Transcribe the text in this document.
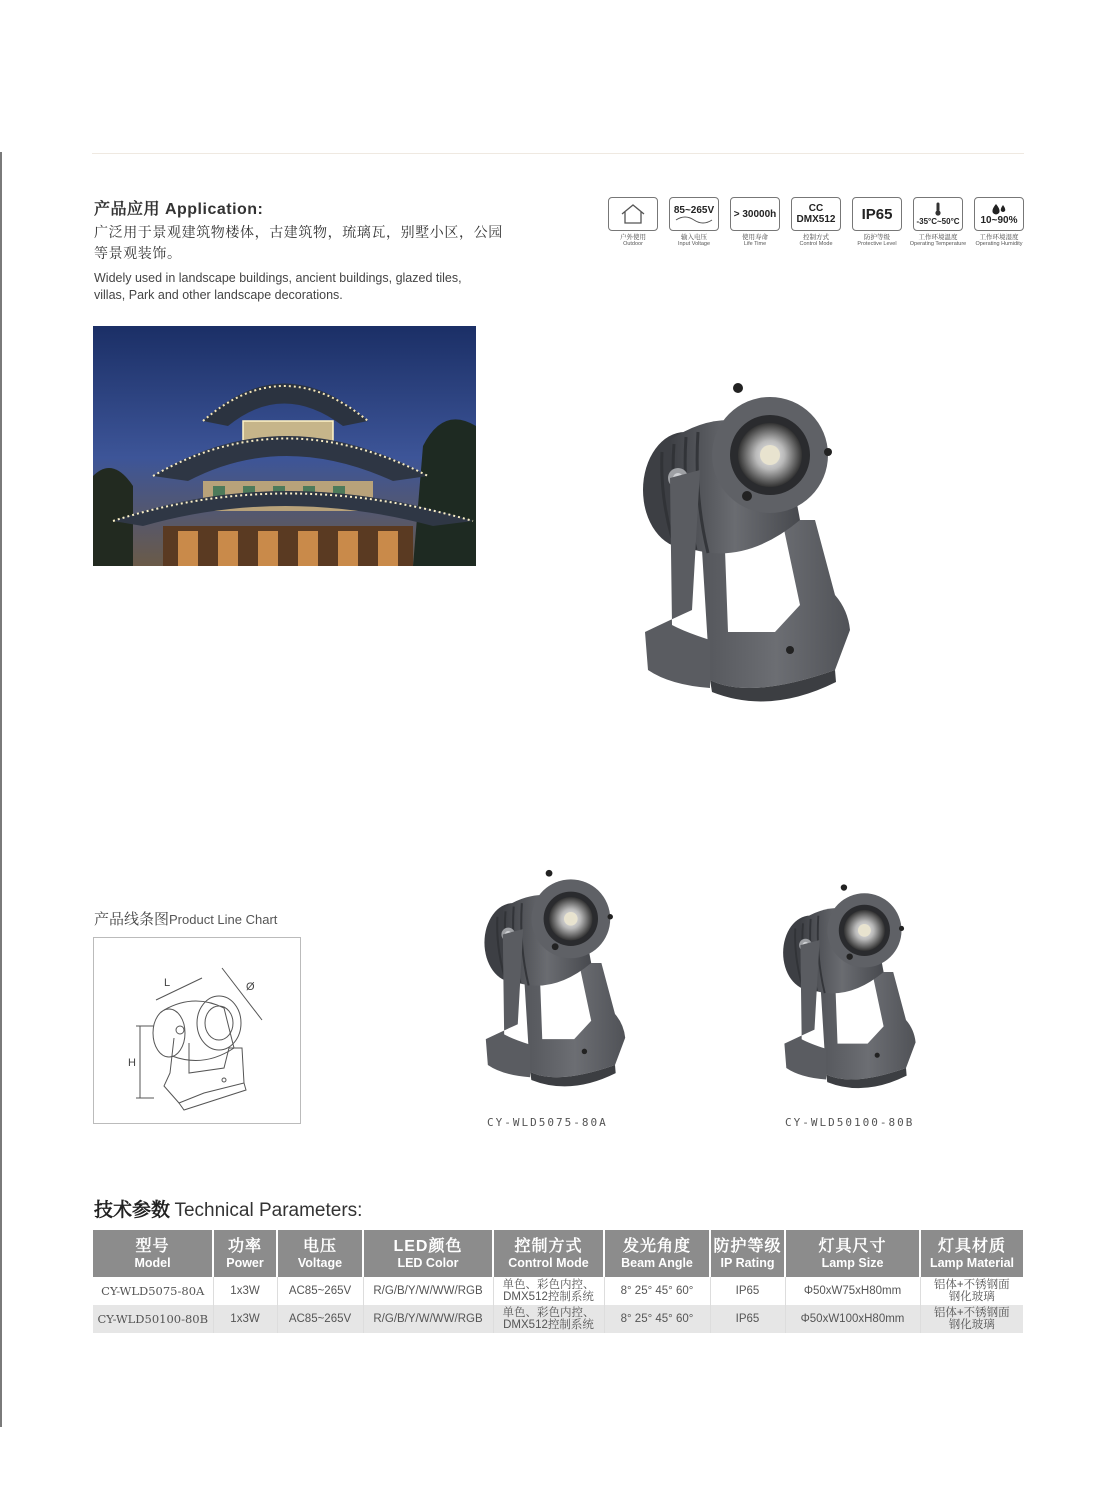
产品应用 Application:
广泛用于景观建筑物楼体，古建筑物，琉璃瓦，别墅小区，公园等景观装饰。
Widely used in landscape buildings, ancient buildings, glazed tiles, villas, Park and other landscape decorations.
户外使用
Outdoor
85~265V
输入电压
Input Voltage
> 30000h
使用寿命
Life Time
CC DMX512
控制方式
Control Mode
IP65
防护等级
Protective Level
-35°C~50°C
工作环境温度
Operating Temperature
10~90%
工作环境湿度
Operating Humidity
产品线条图Product Line Chart
L	Ø
H
CY-WLD5075-80A	CY-WLD50100-80B
技术参数 Technical Parameters:
型号
Model	功率
Power	电压
Voltage	LED颜色
LED Color	控制方式
Control Mode	发光角度
Beam Angle	防护等级
IP Rating	灯具尺寸
Lamp Size	灯具材质
Lamp Material

CY-WLD5075-80A	1x3W	AC85~265V	R/G/B/Y/W/WW/RGB	单色、彩色内控、
DMX512控制系统	8° 25° 45° 60°	IP65	Φ50xW75xH80mm	铝体+不锈钢面
钢化玻璃
CY-WLD50100-80B	1x3W	AC85~265V	R/G/B/Y/W/WW/RGB	单色、彩色内控、
DMX512控制系统	8° 25° 45° 60°	IP65	Φ50xW100xH80mm	铝体+不锈钢面
钢化玻璃
